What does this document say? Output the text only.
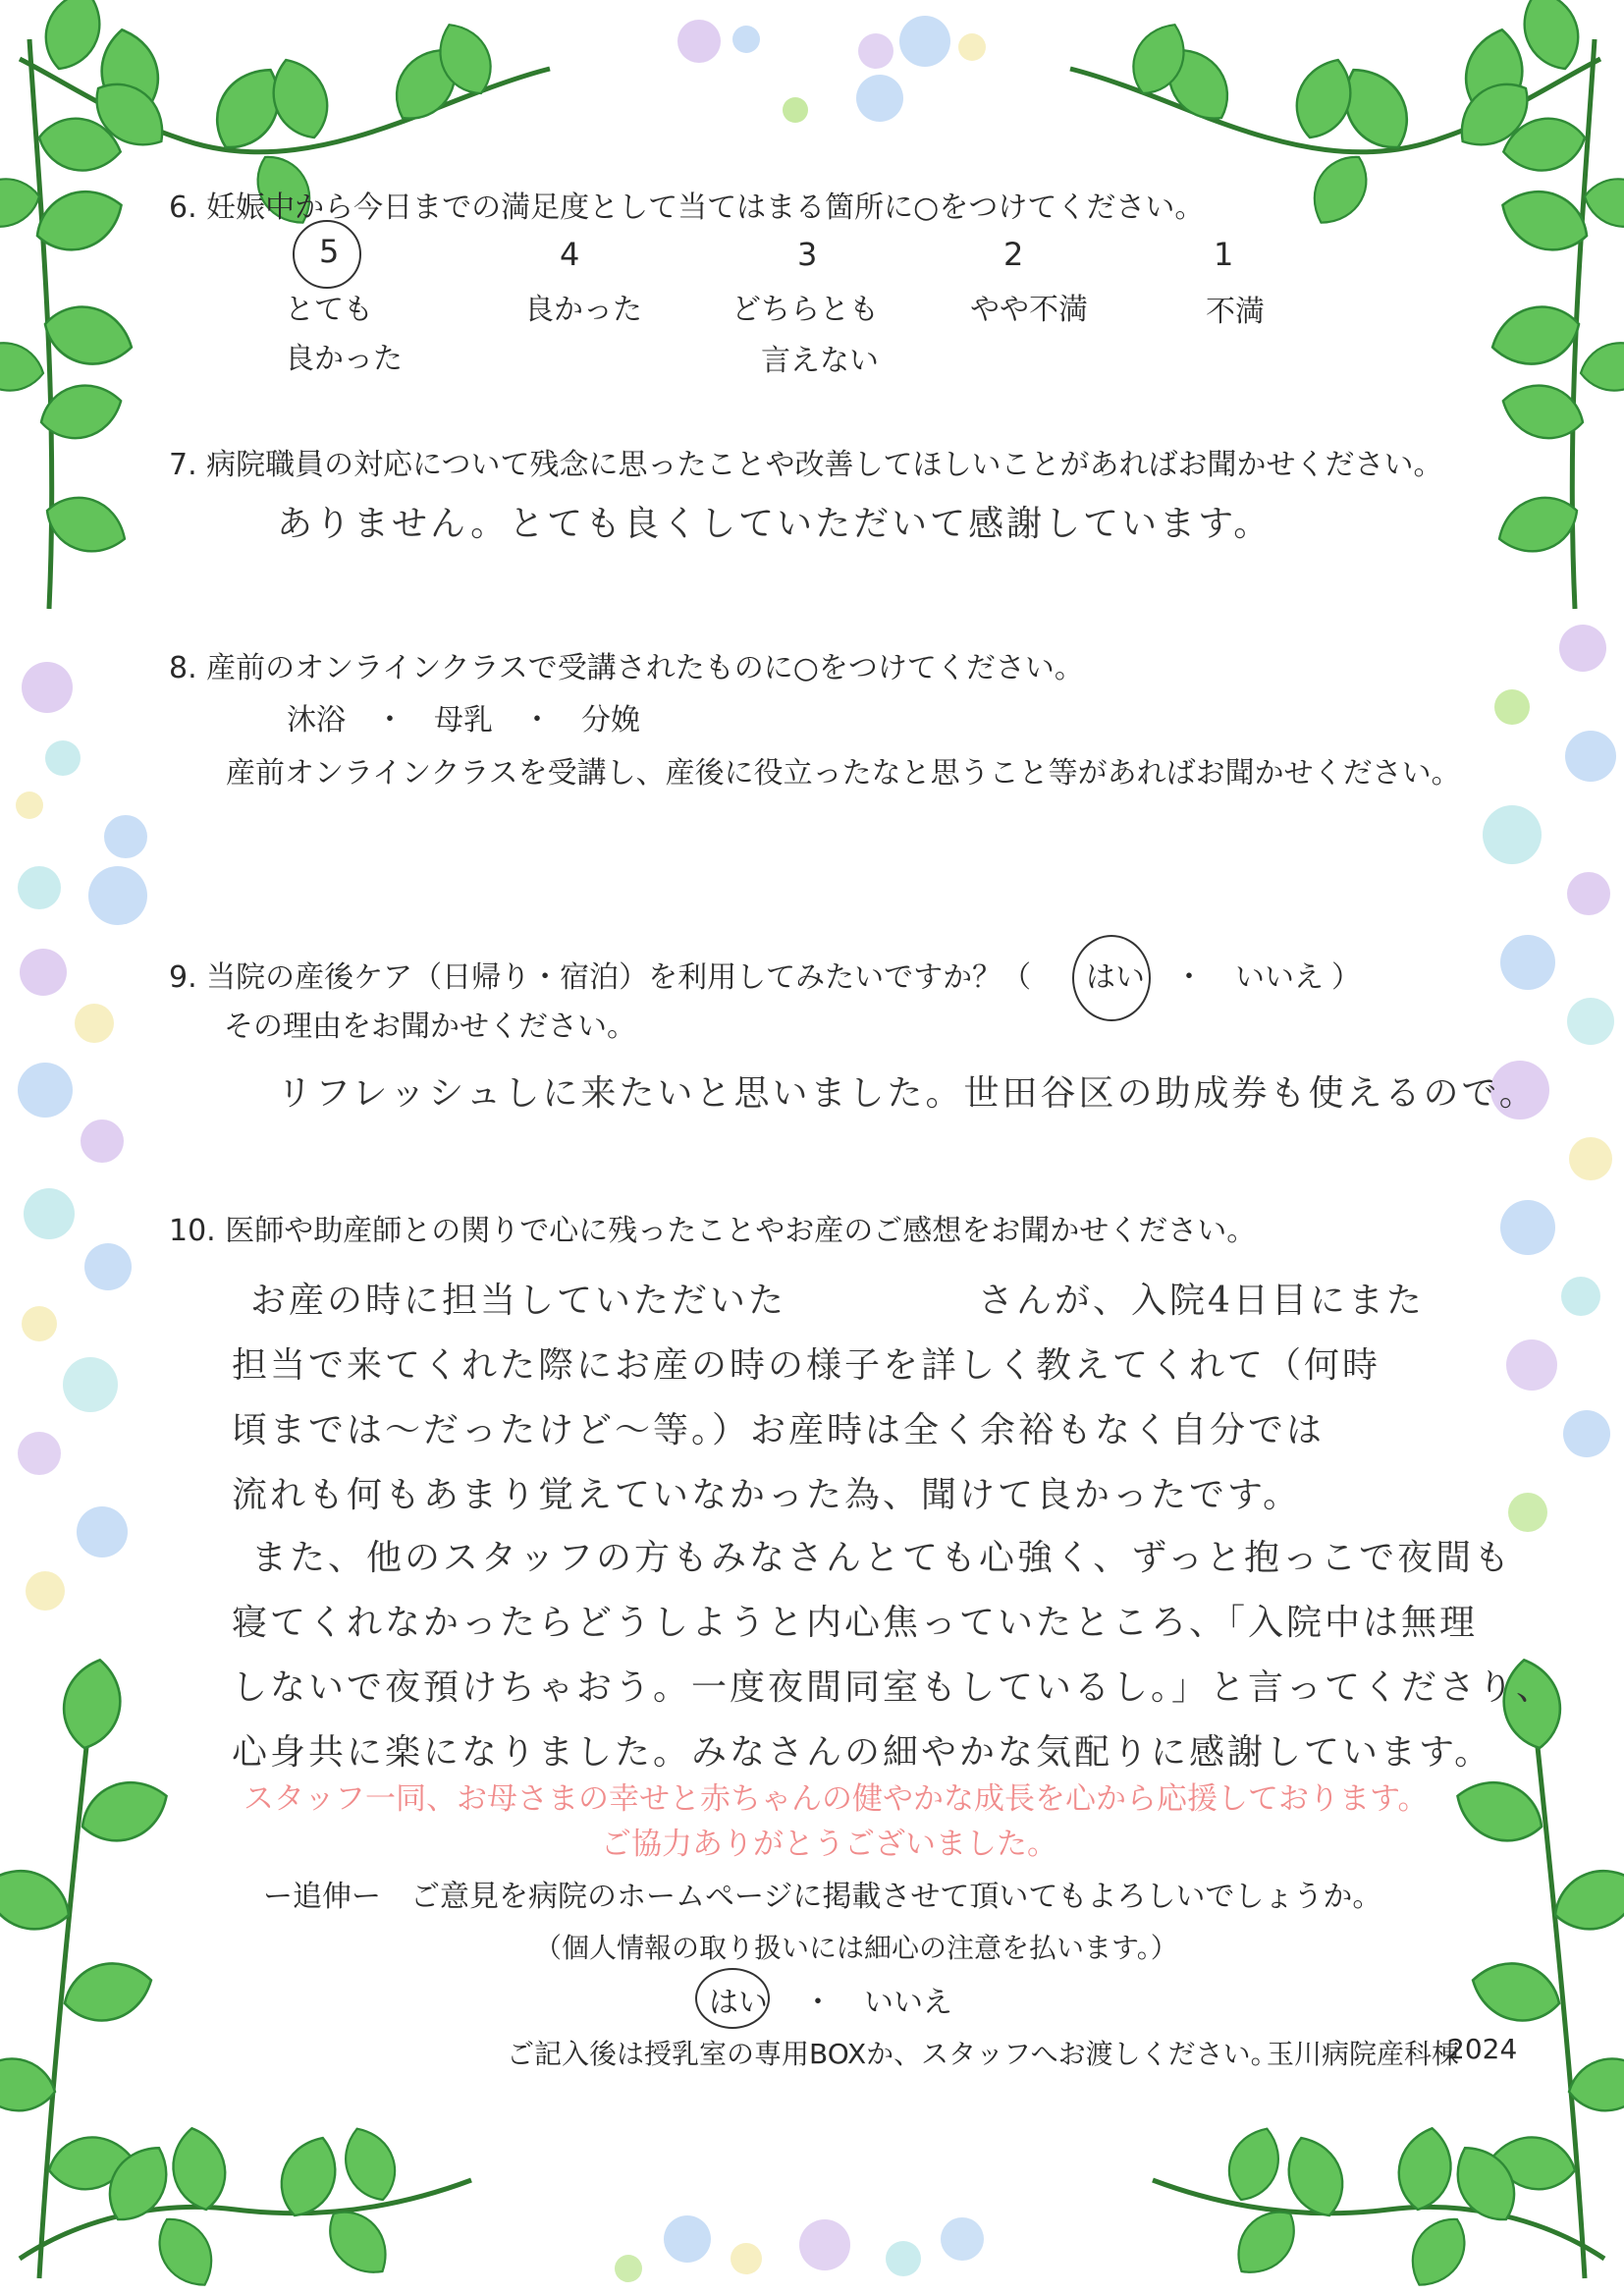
6. 妊娠中から今日までの満足度として当てはまる箇所に○をつけてください。
5
とても
良かった
4
良かった
3
どちらとも
言えない
2
やや不満
1
不満
7. 病院職員の対応について残念に思ったことや改善してほしいことがあればお聞かせください。
ありません。とても良くしていただいて感謝しています。
8. 産前のオンラインクラスで受講されたものに○をつけてください。
沐浴　・　母乳　・　分娩
産前オンラインクラスを受講し、産後に役立ったなと思うこと等があればお聞かせください。
9. 当院の産後ケア（日帰り・宿泊）を利用してみたいですか？（ はい ・ いいえ ）
その理由をお聞かせください。
リフレッシュしに来たいと思いました。世田谷区の助成券も使えるので。
10. 医師や助産師との関りで心に残ったことやお産のご感想をお聞かせください。
お産の時に担当していただいた　　　　　さんが、入院4日目にまた
担当で来てくれた際にお産の時の様子を詳しく教えてくれて（何時
頃までは〜だったけど〜等。）お産時は全く余裕もなく自分では
流れも何もあまり覚えていなかった為、聞けて良かったです。
また、他のスタッフの方もみなさんとても心強く、ずっと抱っこで夜間も
寝てくれなかったらどうしようと内心焦っていたところ、「入院中は無理
しないで夜預けちゃおう。一度夜間同室もしているし。」と言ってくださり、
心身共に楽になりました。みなさんの細やかな気配りに感謝しています。
スタッフ一同、お母さまの幸せと赤ちゃんの健やかな成長を心から応援しております。
ご協力ありがとうございました。
ー追伸ー　ご意見を病院のホームページに掲載させて頂いてもよろしいでしょうか。
（個人情報の取り扱いには細心の注意を払います。）
はい ・ いいえ
ご記入後は授乳室の専用BOXか、スタッフへお渡しください。
玉川病院産科棟
2024
